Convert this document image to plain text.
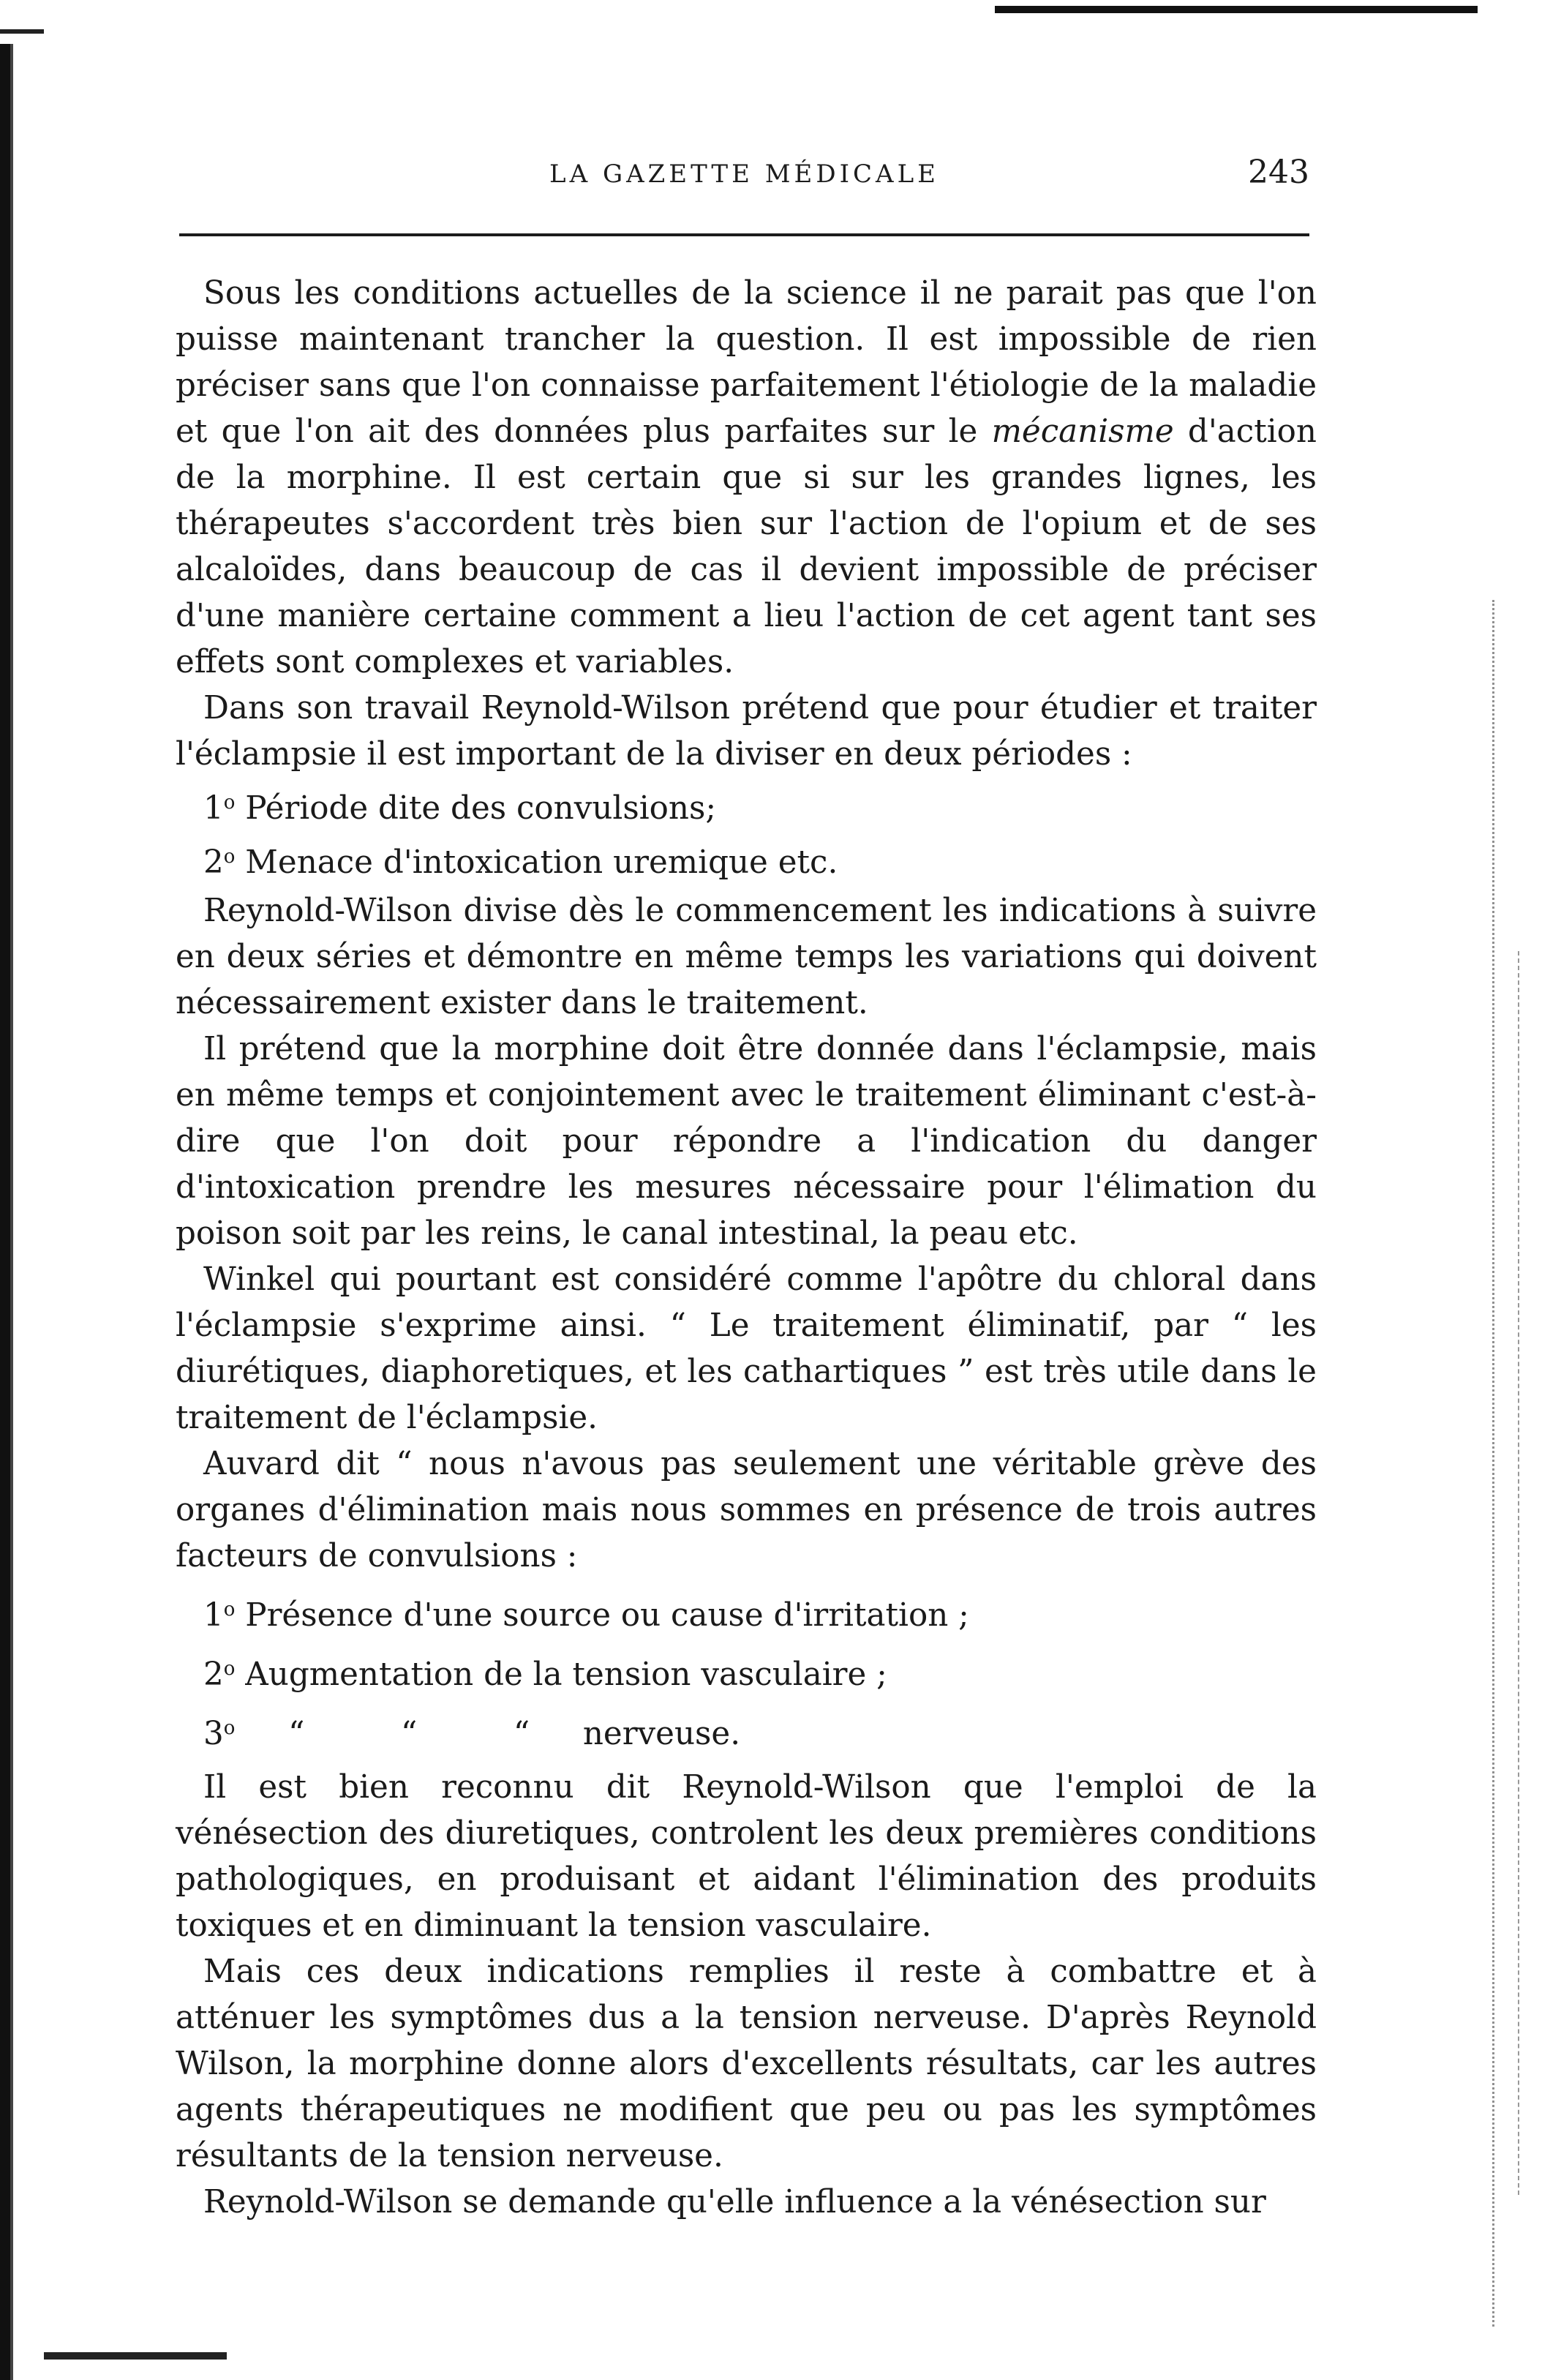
LA GAZETTE MÉDICALE	243

Sous les conditions actuelles de la science il ne parait pas que l'on puisse maintenant trancher la question. Il est impossible de rien préciser sans que l'on connaisse parfaitement l'étiologie de la maladie et que l'on ait des données plus parfaites sur le mécanisme d'action de la morphine. Il est certain que si sur les grandes lignes, les thérapeutes s'accordent très bien sur l'action de l'opium et de ses alcaloïdes, dans beaucoup de cas il devient impossible de préciser d'une manière certaine comment a lieu l'action de cet agent tant ses effets sont complexes et variables.

Dans son travail Reynold-Wilson prétend que pour étudier et traiter l'éclampsie il est important de la diviser en deux périodes :

1$^o$ Période dite des convulsions;
2$^o$ Menace d'intoxication uremique etc.

Reynold-Wilson divise dès le commencement les indications à suivre en deux séries et démontre en même temps les variations qui doivent nécessairement exister dans le traitement.

Il prétend que la morphine doit être donnée dans l'éclampsie, mais en même temps et conjointement avec le traitement éliminant c'est-à-dire que l'on doit pour répondre a l'indication du danger d'intoxication prendre les mesures nécessaire pour l'élimation du poison soit par les reins, le canal intestinal, la peau etc.

Winkel qui pourtant est considéré comme l'apôtre du chloral dans l'éclampsie s'exprime ainsi. “ Le traitement éliminatif, par “ les diurétiques, diaphoretiques, et les cathartiques ” est très utile dans le traitement de l'éclampsie.

Auvard dit “ nous n'avous pas seulement une véritable grève des organes d'élimination mais nous sommes en présence de trois autres facteurs de convulsions :

1$^o$ Présence d'une source ou cause d'irritation ;
2$^o$ Augmentation de la tension vasculaire ;
3$^o$ “	“	“ nerveuse.

Il est bien reconnu dit Reynold-Wilson que l'emploi de la vénésection des diuretiques, controlent les deux premières conditions pathologiques, en produisant et aidant l'élimination des produits toxiques et en diminuant la tension vasculaire.

Mais ces deux indications remplies il reste à combattre et à atténuer les symptômes dus a la tension nerveuse. D'après Reynold Wilson, la morphine donne alors d'excellents résultats, car les autres agents thérapeutiques ne modifient que peu ou pas les symptômes résultants de la tension nerveuse.

Reynold-Wilson se demande qu'elle influence a la vénésection sur
